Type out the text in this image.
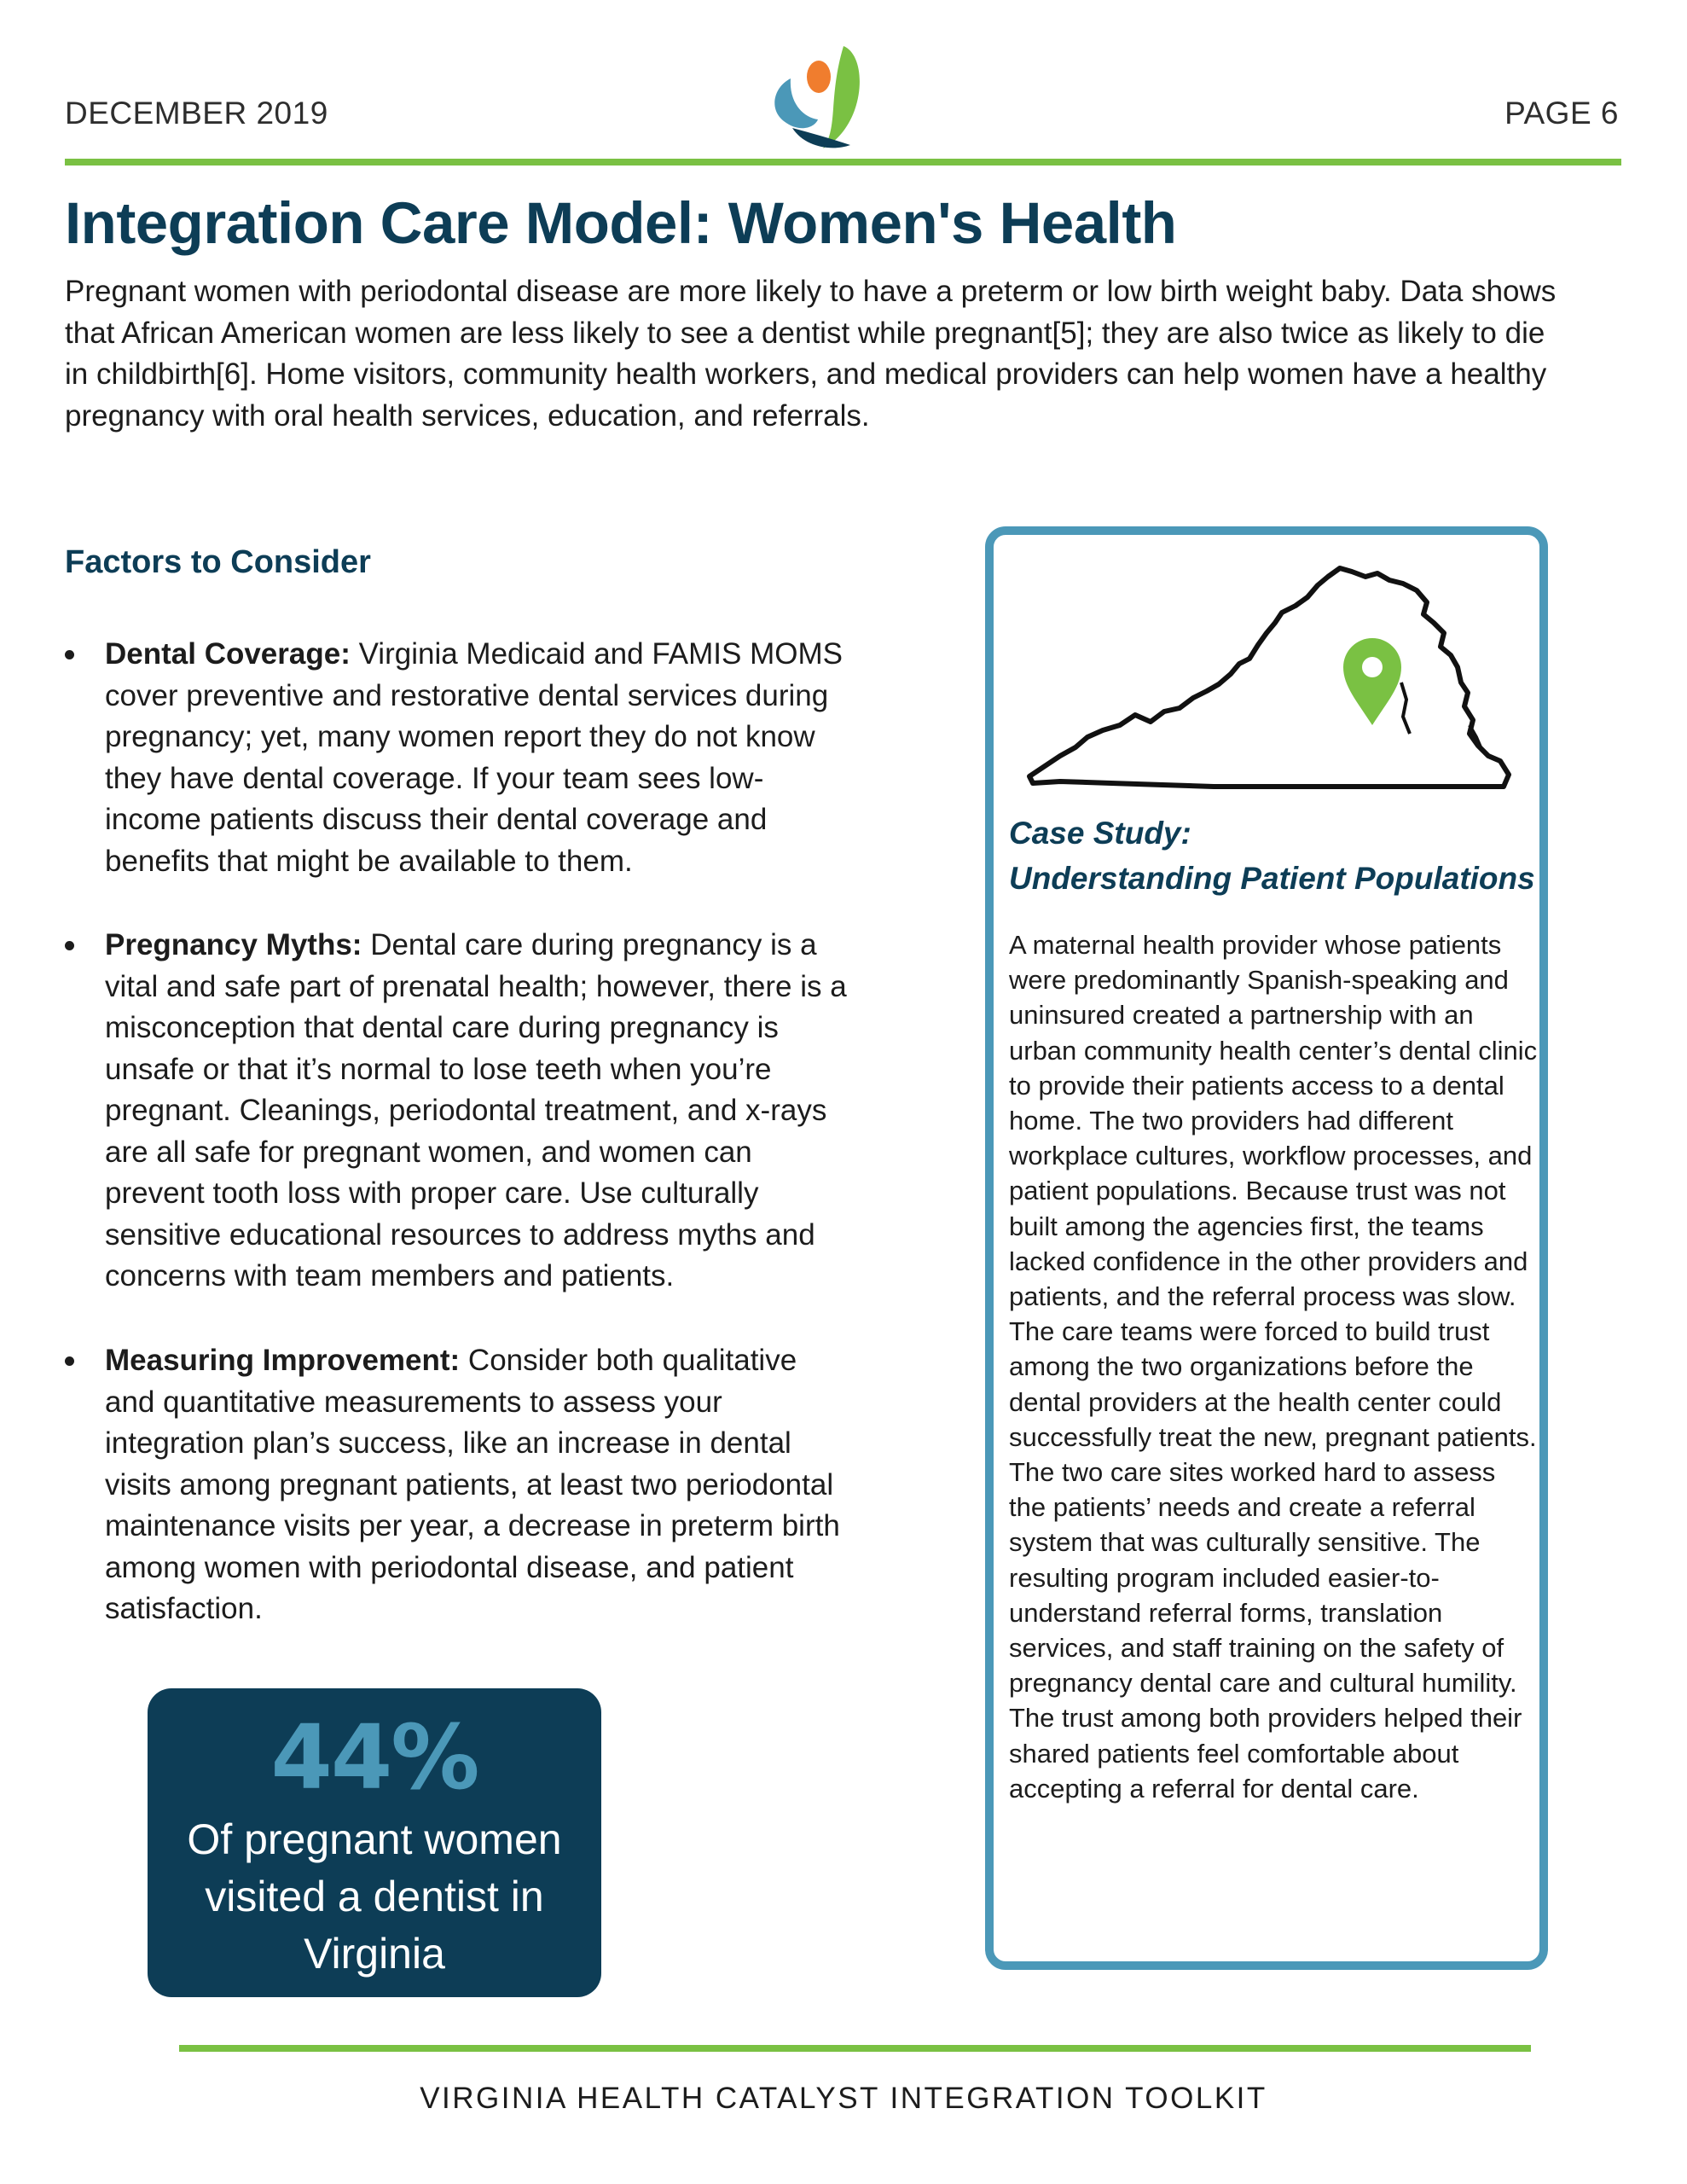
DECEMBER 2019	PAGE 6
Integration Care Model: Women's Health

Pregnant women with periodontal disease are more likely to have a preterm or low birth weight baby. Data shows that African American women are less likely to see a dentist while pregnant[5]; they are also twice as likely to die in childbirth[6]. Home visitors, community health workers, and medical providers can help women have a healthy pregnancy with oral health services, education, and referrals.

Factors to Consider
Dental Coverage: Virginia Medicaid and FAMIS MOMS cover preventive and restorative dental services during pregnancy; yet, many women report they do not know they have dental coverage. If your team sees low-income patients discuss their dental coverage and benefits that might be available to them.
Pregnancy Myths: Dental care during pregnancy is a vital and safe part of prenatal health; however, there is a misconception that dental care during pregnancy is unsafe or that it’s normal to lose teeth when you’re pregnant. Cleanings, periodontal treatment, and x-rays are all safe for pregnant women, and women can prevent tooth loss with proper care. Use culturally sensitive educational resources to address myths and concerns with team members and patients.
Measuring Improvement: Consider both qualitative and quantitative measurements to assess your integration plan’s success, like an increase in dental visits among pregnant patients, at least two periodontal maintenance visits per year, a decrease in preterm birth among women with periodontal disease, and patient satisfaction.
44%
Of pregnant women visited a dentist in Virginia
Case Study:
Understanding Patient Populations

A maternal health provider whose patients were predominantly Spanish-speaking and uninsured created a partnership with an urban community health center’s dental clinic to provide their patients access to a dental home. The two providers had different workplace cultures, workflow processes, and patient populations. Because trust was not built among the agencies first, the teams lacked confidence in the other providers and patients, and the referral process was slow. The care teams were forced to build trust among the two organizations before the dental providers at the health center could successfully treat the new, pregnant patients. The two care sites worked hard to assess the patients’ needs and create a referral system that was culturally sensitive. The resulting program included easier-to-understand referral forms, translation services, and staff training on the safety of pregnancy dental care and cultural humility. The trust among both providers helped their shared patients feel comfortable about accepting a referral for dental care.

VIRGINIA HEALTH CATALYST INTEGRATION TOOLKIT
